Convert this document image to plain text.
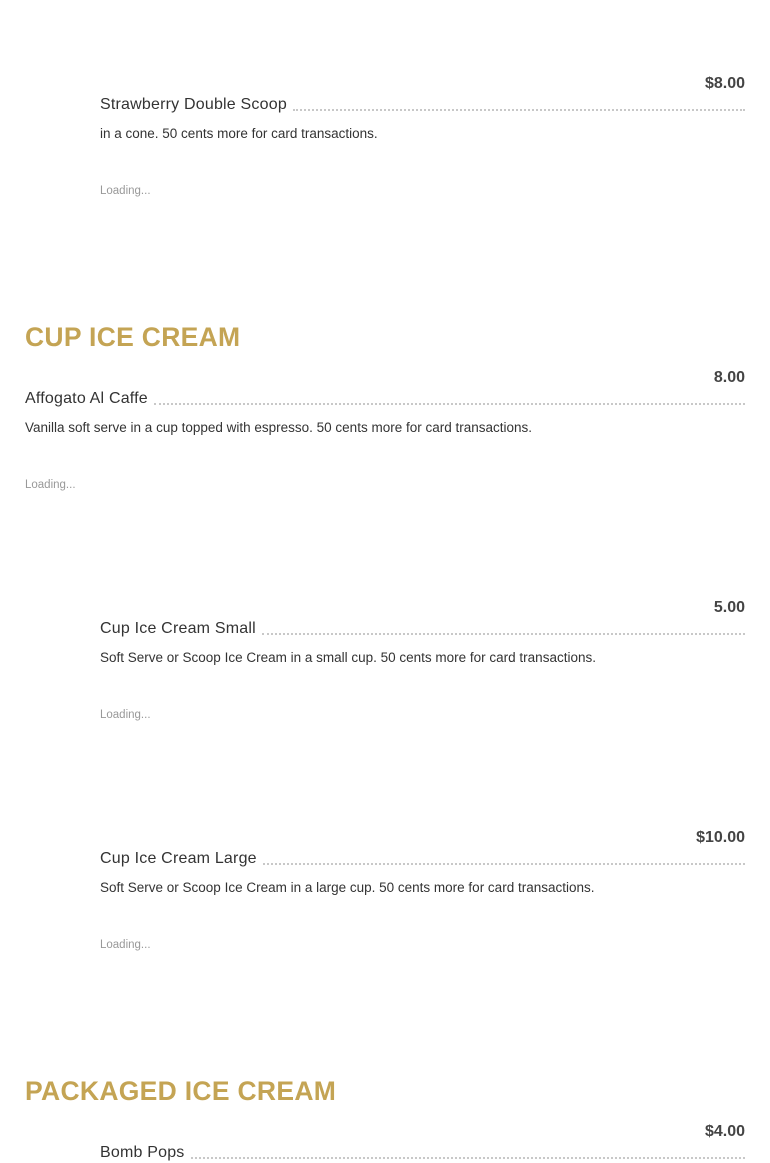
$8.00
Strawberry Double Scoop
in a cone. 50 cents more for card transactions.
Loading...
CUP ICE CREAM
8.00
Affogato Al Caffe
Vanilla soft serve in a cup topped with espresso. 50 cents more for card transactions.
Loading...
5.00
Cup Ice Cream Small
Soft Serve or Scoop Ice Cream in a small cup. 50 cents more for card transactions.
Loading...
$10.00
Cup Ice Cream Large
Soft Serve or Scoop Ice Cream in a large cup. 50 cents more for card transactions.
Loading...
PACKAGED ICE CREAM
$4.00
Bomb Pops
